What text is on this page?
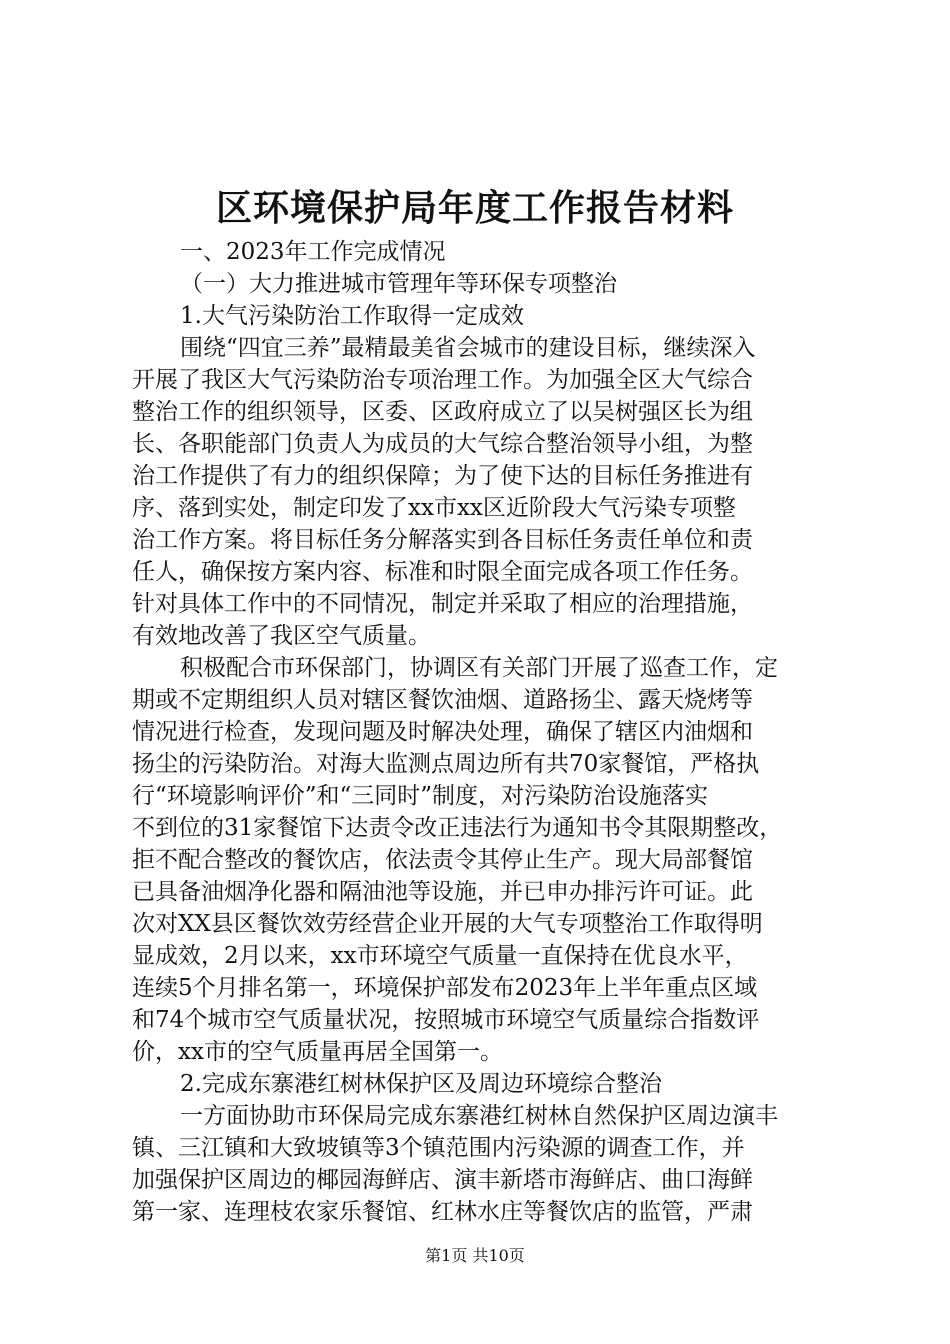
区环境保护局年度工作报告材料
一、2023年工作完成情况
（一）大力推进城市管理年等环保专项整治
1.大气污染防治工作取得一定成效
围绕“四宜三养”最精最美省会城市的建设目标，继续深入
开展了我区大气污染防治专项治理工作。为加强全区大气综合
整治工作的组织领导，区委、区政府成立了以吴树强区长为组
长、各职能部门负责人为成员的大气综合整治领导小组，为整
治工作提供了有力的组织保障；为了使下达的目标任务推进有
序、落到实处，制定印发了xx市xx区近阶段大气污染专项整
治工作方案。将目标任务分解落实到各目标任务责任单位和责
任人，确保按方案内容、标准和时限全面完成各项工作任务。
针对具体工作中的不同情况，制定并采取了相应的治理措施，
有效地改善了我区空气质量。
积极配合市环保部门，协调区有关部门开展了巡查工作，定
期或不定期组织人员对辖区餐饮油烟、道路扬尘、露天烧烤等
情况进行检查，发现问题及时解决处理，确保了辖区内油烟和
扬尘的污染防治。对海大监测点周边所有共70家餐馆，严格执
行“环境影响评价”和“三同时”制度，对污染防治设施落实
不到位的31家餐馆下达责令改正违法行为通知书令其限期整改，
拒不配合整改的餐饮店，依法责令其停止生产。现大局部餐馆
已具备油烟净化器和隔油池等设施，并已申办排污许可证。此
次对XX县区餐饮效劳经营企业开展的大气专项整治工作取得明
显成效，2月以来，xx市环境空气质量一直保持在优良水平，
连续5个月排名第一，环境保护部发布2023年上半年重点区域
和74个城市空气质量状况，按照城市环境空气质量综合指数评
价，xx市的空气质量再居全国第一。
2.完成东寨港红树林保护区及周边环境综合整治
一方面协助市环保局完成东寨港红树林自然保护区周边演丰
镇、三江镇和大致坡镇等3个镇范围内污染源的调查工作，并
加强保护区周边的椰园海鲜店、演丰新塔市海鲜店、曲口海鲜
第一家、连理枝农家乐餐馆、红林水庄等餐饮店的监管，严肃
第1页 共10页
